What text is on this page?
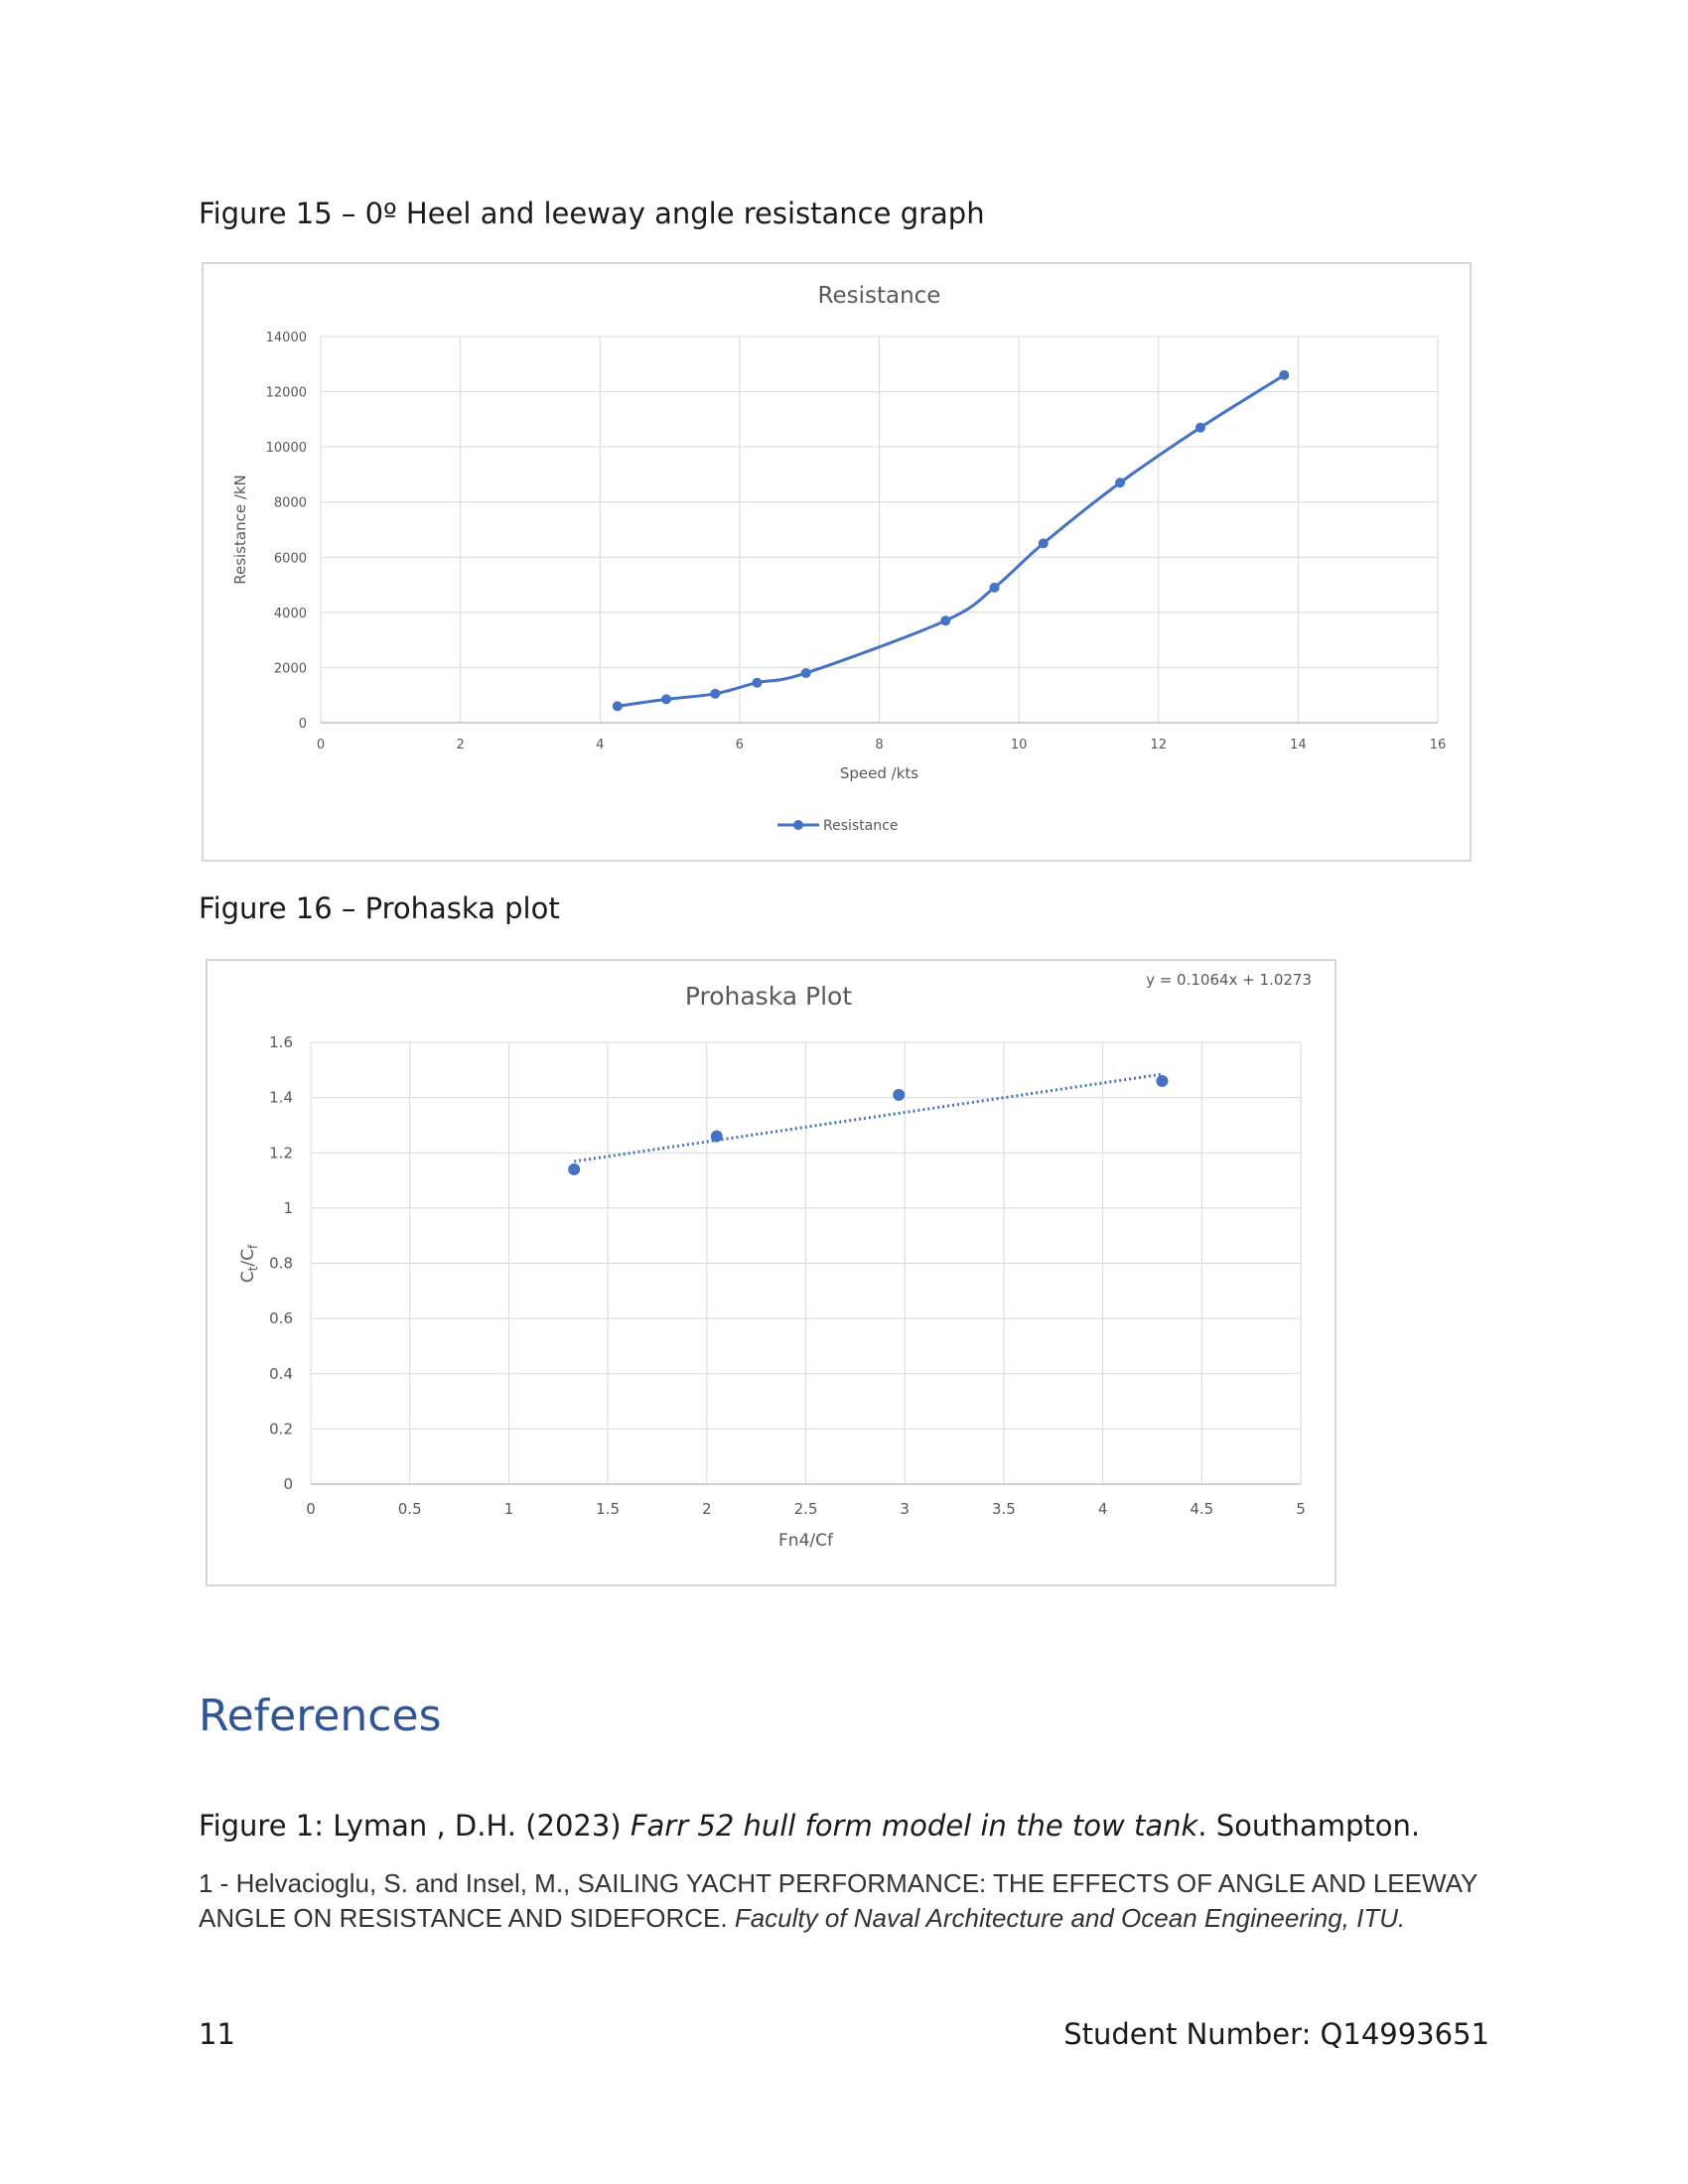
Figure 15 – 0º Heel and leeway angle resistance graph
0	2	4	6	8	10	12	14	16
0
2000
4000
6000
8000
10000
12000
14000
Resistance
Speed /kts
Resistance /kN
Resistance
Figure 16 – Prohaska plot
0	0.5	1	1.5	2	2.5	3	3.5	4	4.5	5
0
0.2
0.4
0.6
0.8
1
1.2
1.4
1.6
Prohaska Plot
Fn4/Cf
$C_t/C_f$
y = 0.1064x + 1.0273
References
Figure 1: Lyman , D.H. (2023) Farr 52 hull form model in the tow tank. Southampton.
1 - Helvacioglu, S. and Insel, M., SAILING YACHT PERFORMANCE: THE EFFECTS OF ANGLE AND LEEWAY ANGLE ON RESISTANCE AND SIDEFORCE. Faculty of Naval Architecture and Ocean Engineering, ITU.
11	Student Number: Q14993651
